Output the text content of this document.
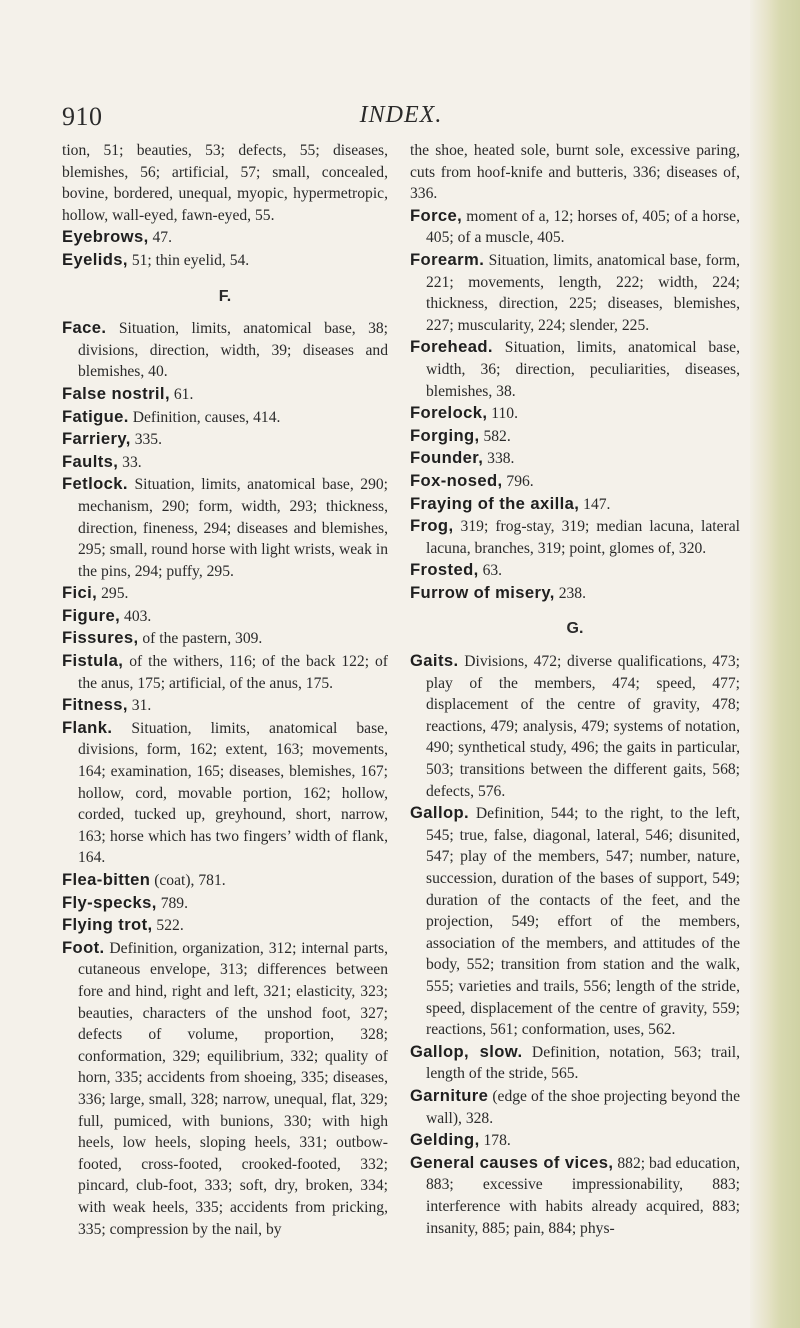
910	INDEX.

tion, 51; beauties, 53; defects, 55; diseases, blemishes, 56; artificial, 57; small, concealed, bovine, bordered, unequal, myopic, hypermetropic, hollow, wall-eyed, fawn-eyed, 55.

Eyebrows, 47.

Eyelids, 51; thin eyelid, 54.

F.

Face. Situation, limits, anatomical base, 38; divisions, direction, width, 39; diseases and blemishes, 40.

False nostril, 61.

Fatigue. Definition, causes, 414.

Farriery, 335.

Faults, 33.

Fetlock. Situation, limits, anatomical base, 290; mechanism, 290; form, width, 293; thickness, direction, fineness, 294; diseases and blemishes, 295; small, round horse with light wrists, weak in the pins, 294; puffy, 295.

Fici, 295.

Figure, 403.

Fissures, of the pastern, 309.

Fistula, of the withers, 116; of the back 122; of the anus, 175; artificial, of the anus, 175.

Fitness, 31.

Flank. Situation, limits, anatomical base, divisions, form, 162; extent, 163; movements, 164; examination, 165; diseases, blemishes, 167; hollow, cord, movable portion, 162; hollow, corded, tucked up, greyhound, short, narrow, 163; horse which has two fingers’ width of flank, 164.

Flea-bitten (coat), 781.

Fly-specks, 789.

Flying trot, 522.

Foot. Definition, organization, 312; internal parts, cutaneous envelope, 313; differences between fore and hind, right and left, 321; elasticity, 323; beauties, characters of the unshod foot, 327; defects of volume, proportion, 328; conformation, 329; equilibrium, 332; quality of horn, 335; accidents from shoeing, 335; diseases, 336; large, small, 328; narrow, unequal, flat, 329; full, pumiced, with bunions, 330; with high heels, low heels, sloping heels, 331; outbow-footed, cross-footed, crooked-footed, 332; pincard, club-foot, 333; soft, dry, broken, 334; with weak heels, 335; accidents from pricking, 335; compression by the nail, by

the shoe, heated sole, burnt sole, excessive paring, cuts from hoof-knife and butteris, 336; diseases of, 336.

Force, moment of a, 12; horses of, 405; of a horse, 405; of a muscle, 405.

Forearm. Situation, limits, anatomical base, form, 221; movements, length, 222; width, 224; thickness, direction, 225; diseases, blemishes, 227; muscularity, 224; slender, 225.

Forehead. Situation, limits, anatomical base, width, 36; direction, peculiarities, diseases, blemishes, 38.

Forelock, 110.

Forging, 582.

Founder, 338.

Fox-nosed, 796.

Fraying of the axilla, 147.

Frog, 319; frog-stay, 319; median lacuna, lateral lacuna, branches, 319; point, glomes of, 320.

Frosted, 63.

Furrow of misery, 238.

G.

Gaits. Divisions, 472; diverse qualifications, 473; play of the members, 474; speed, 477; displacement of the centre of gravity, 478; reactions, 479; analysis, 479; systems of notation, 490; synthetical study, 496; the gaits in particular, 503; transitions between the different gaits, 568; defects, 576.

Gallop. Definition, 544; to the right, to the left, 545; true, false, diagonal, lateral, 546; disunited, 547; play of the members, 547; number, nature, succession, duration of the bases of support, 549; duration of the contacts of the feet, and the projection, 549; effort of the members, association of the members, and attitudes of the body, 552; transition from station and the walk, 555; varieties and trails, 556; length of the stride, speed, displacement of the centre of gravity, 559; reactions, 561; conformation, uses, 562.

Gallop, slow. Definition, notation, 563; trail, length of the stride, 565.

Garniture (edge of the shoe projecting beyond the wall), 328.

Gelding, 178.

General causes of vices, 882; bad education, 883; excessive impressionability, 883; interference with habits already acquired, 883; insanity, 885; pain, 884; phys-
